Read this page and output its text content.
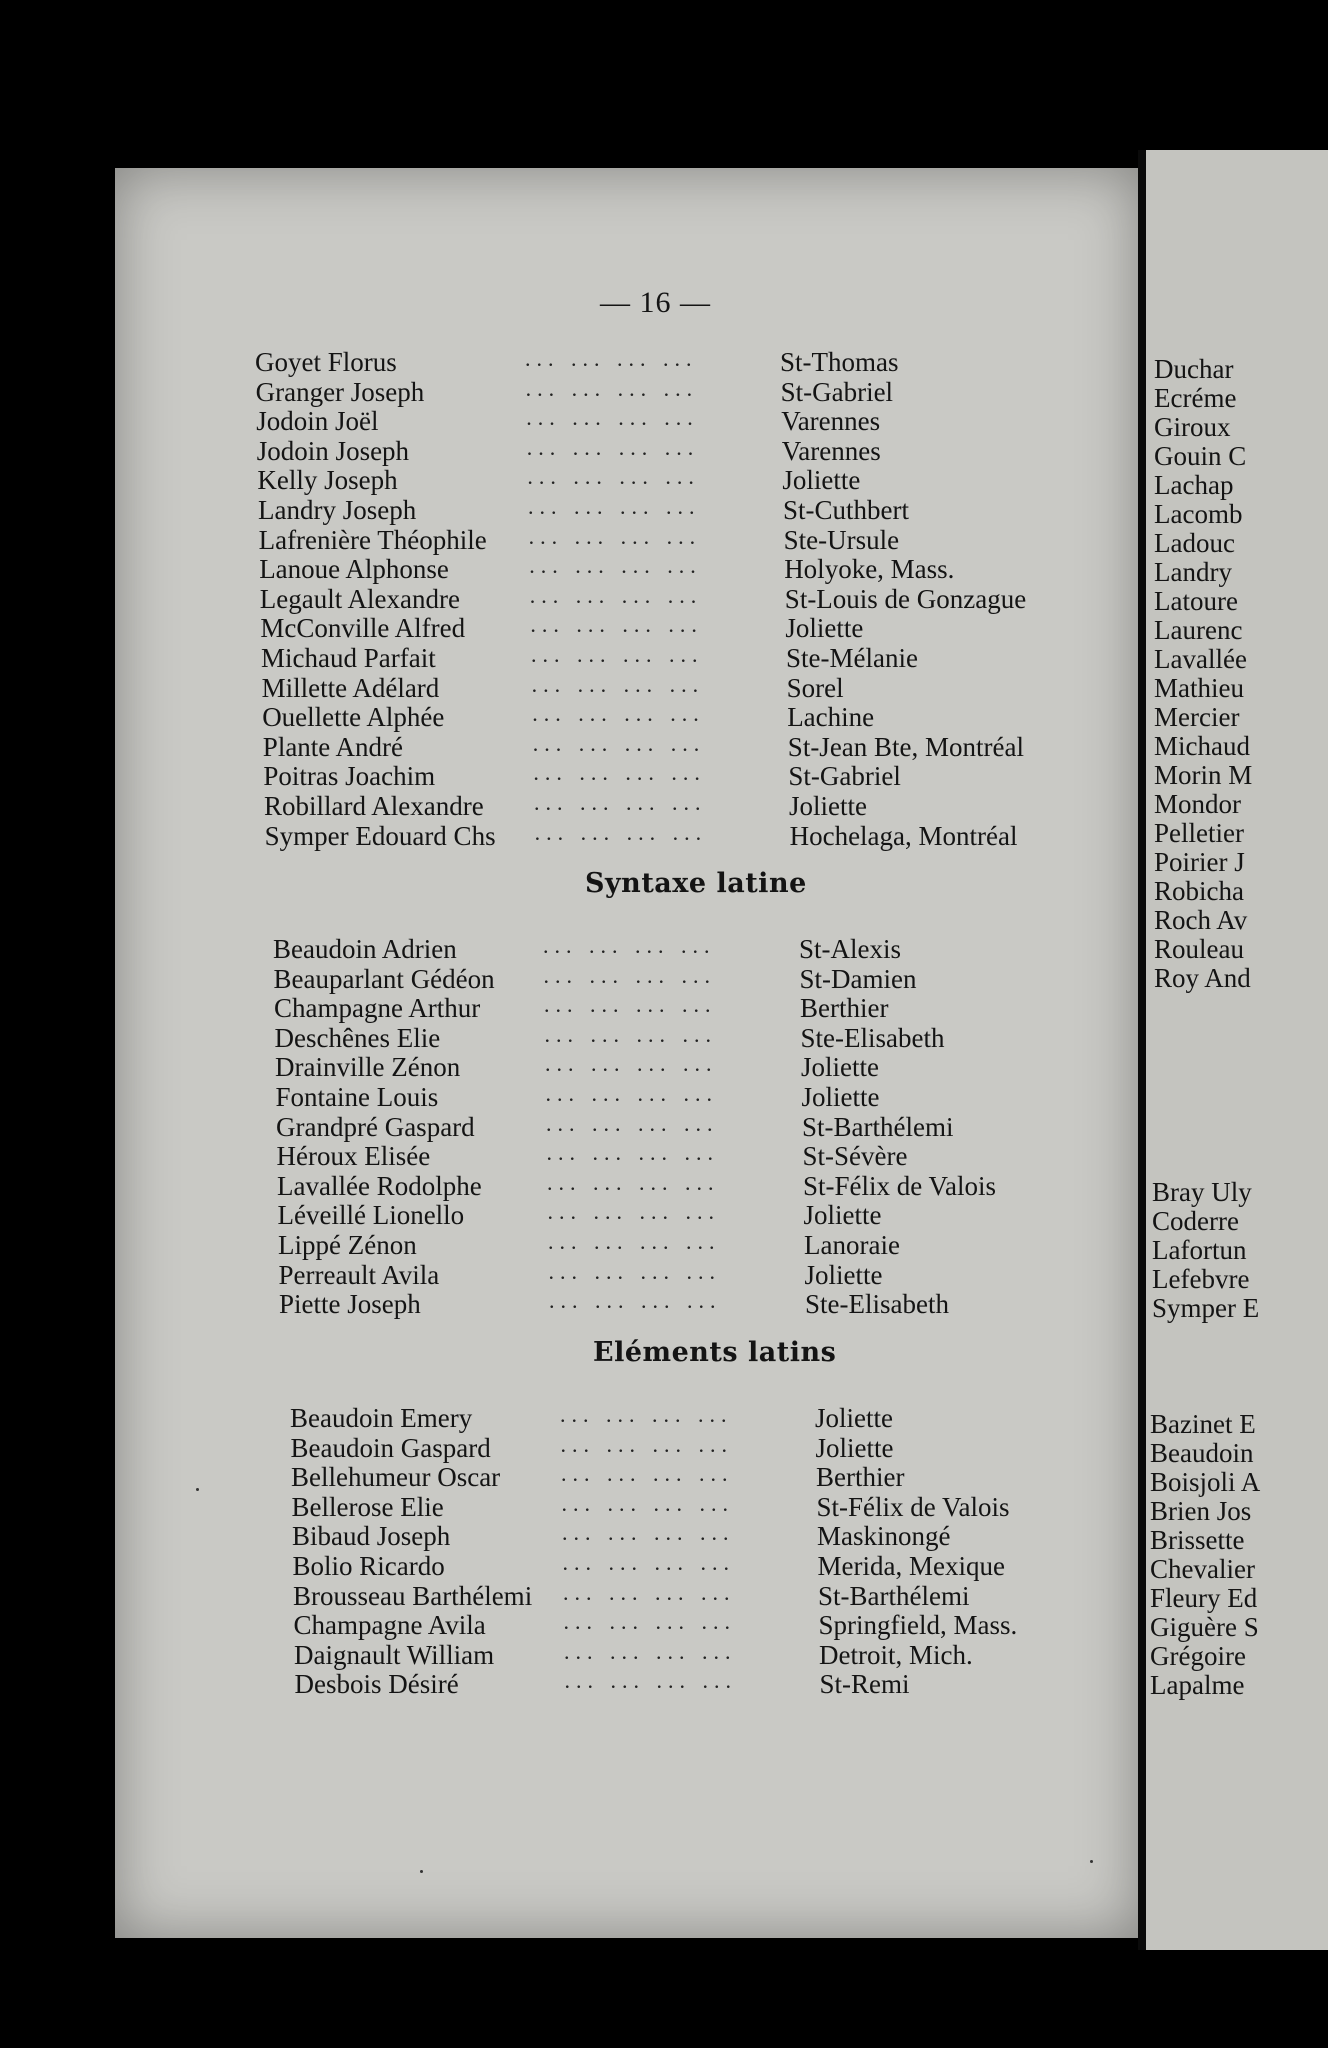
Duchar
Ecréme
Giroux
Gouin C
Lachap
Lacomb
Ladouc
Landry
Latoure
Laurenc
Lavallée
Mathieu
Mercier
Michaud
Morin M
Mondor
Pelletier
Poirier J
Robicha
Roch Av
Rouleau
Roy And
Bray Uly
Coderre
Lafortun
Lefebvre
Symper E
Bazinet E
Beaudoin
Boisjoli A
Brien Jos
Brissette
Chevalier
Fleury Ed
Giguère S
Grégoire
Lapalme
— 16 —
Goyet Florus	... ... ... ...	St-Thomas
Granger Joseph	... ... ... ...	St-Gabriel
Jodoin Joël	... ... ... ...	Varennes
Jodoin Joseph	... ... ... ...	Varennes
Kelly Joseph	... ... ... ...	Joliette
Landry Joseph	... ... ... ...	St-Cuthbert
Lafrenière Théophile ... ... ... ...	Ste-Ursule
Lanoue Alphonse	... ... ... ...	Holyoke, Mass.
Legault Alexandre	... ... ... ...	St-Louis de Gonzague
McConville Alfred	... ... ... ...	Joliette
Michaud Parfait	... ... ... ...	Ste-Mélanie
Millette Adélard	... ... ... ...	Sorel
Ouellette Alphée	... ... ... ...	Lachine
Plante André	... ... ... ...	St-Jean Bte, Montréal
Poitras Joachim	... ... ... ...	St-Gabriel
Robillard Alexandre ... ... ... ...	Joliette
Symper Edouard Chs ... ... ... ...	Hochelaga, Montréal
Syntaxe latine
Beaudoin Adrien	... ... ... ...	St-Alexis
Beauparlant Gédéon ... ... ... ...	St-Damien
Champagne Arthur	... ... ... ...	Berthier
Deschênes Elie	... ... ... ...	Ste-Elisabeth
Drainville Zénon	... ... ... ...	Joliette
Fontaine Louis	... ... ... ...	Joliette
Grandpré Gaspard	... ... ... ...	St-Barthélemi
Héroux Elisée	... ... ... ...	St-Sévère
Lavallée Rodolphe	... ... ... ...	St-Félix de Valois
Léveillé Lionello	... ... ... ...	Joliette
Lippé Zénon	... ... ... ...	Lanoraie
Perreault Avila	... ... ... ...	Joliette
Piette Joseph	... ... ... ...	Ste-Elisabeth
Eléments latins
Beaudoin Emery	... ... ... ...	Joliette
Beaudoin Gaspard	... ... ... ...	Joliette
Bellehumeur Oscar	... ... ... ...	Berthier
Bellerose Elie	... ... ... ...	St-Félix de Valois
Bibaud Joseph	... ... ... ...	Maskinongé
Bolio Ricardo	... ... ... ...	Merida, Mexique
Brousseau Barthélemi ... ... ... ...	St-Barthélemi
Champagne Avila	... ... ... ...	Springfield, Mass.
Daignault William	... ... ... ...	Detroit, Mich.
Desbois Désiré	... ... ... ...	St-Remi
